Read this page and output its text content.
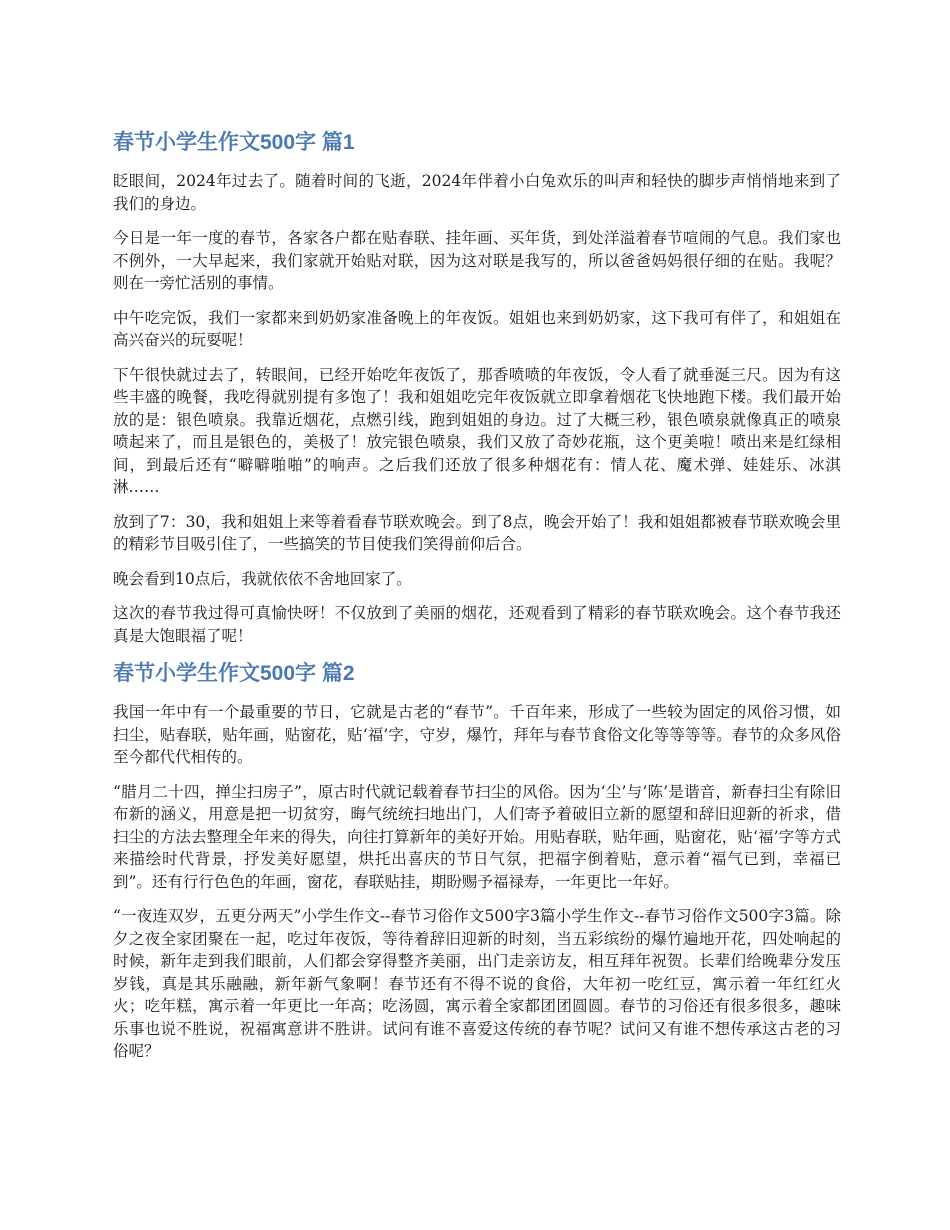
春节小学生作文500字 篇1

眨眼间，2024年过去了。随着时间的飞逝，2024年伴着小白兔欢乐的叫声和轻快的脚步声悄悄地来到了我们的身边。

今日是一年一度的春节，各家各户都在贴春联、挂年画、买年货，到处洋溢着春节喧闹的气息。我们家也不例外，一大早起来，我们家就开始贴对联，因为这对联是我写的，所以爸爸妈妈很仔细的在贴。我呢？则在一旁忙活别的事情。

中午吃完饭，我们一家都来到奶奶家准备晚上的年夜饭。姐姐也来到奶奶家，这下我可有伴了，和姐姐在高兴奋兴的玩耍呢！

下午很快就过去了，转眼间，已经开始吃年夜饭了，那香喷喷的年夜饭，令人看了就垂涎三尺。因为有这些丰盛的晚餐，我吃得就别提有多饱了！我和姐姐吃完年夜饭就立即拿着烟花飞快地跑下楼。我们最开始放的是：银色喷泉。我靠近烟花，点燃引线，跑到姐姐的身边。过了大概三秒，银色喷泉就像真正的喷泉喷起来了，而且是银色的，美极了！放完银色喷泉，我们又放了奇妙花瓶，这个更美啦！喷出来是红绿相间，到最后还有“噼噼啪啪”的响声。之后我们还放了很多种烟花有：情人花、魔术弹、娃娃乐、冰淇淋……

放到了7：30，我和姐姐上来等着看春节联欢晚会。到了8点，晚会开始了！我和姐姐都被春节联欢晚会里的精彩节目吸引住了，一些搞笑的节目使我们笑得前仰后合。

晚会看到10点后，我就依依不舍地回家了。

这次的春节我过得可真愉快呀！不仅放到了美丽的烟花，还观看到了精彩的春节联欢晚会。这个春节我还真是大饱眼福了呢！

春节小学生作文500字 篇2

我国一年中有一个最重要的节日，它就是古老的“春节”。千百年来，形成了一些较为固定的风俗习惯，如扫尘，贴春联，贴年画，贴窗花，贴‘福’字，守岁，爆竹，拜年与春节食俗文化等等等等。春节的众多风俗至今都代代相传的。

“腊月二十四，掸尘扫房子”，原古时代就记载着春节扫尘的风俗。因为‘尘’与‘陈’是谐音，新春扫尘有除旧布新的涵义，用意是把一切贫穷，晦气统统扫地出门，人们寄予着破旧立新的愿望和辞旧迎新的祈求，借扫尘的方法去整理全年来的得失，向往打算新年的美好开始。用贴春联，贴年画，贴窗花，贴‘福’字等方式来描绘时代背景，抒发美好愿望，烘托出喜庆的节日气氛，把福字倒着贴，意示着“福气已到，幸福已到”。还有行行色色的年画，窗花，春联贴挂，期盼赐予福禄寿，一年更比一年好。

“一夜连双岁，五更分两天”小学生作文--春节习俗作文500字3篇小学生作文--春节习俗作文500字3篇。除夕之夜全家团聚在一起，吃过年夜饭，等待着辞旧迎新的时刻，当五彩缤纷的爆竹遍地开花，四处响起的时候，新年走到我们眼前，人们都会穿得整齐美丽，出门走亲访友，相互拜年祝贺。长辈们给晚辈分发压岁钱，真是其乐融融，新年新气象啊！春节还有不得不说的食俗，大年初一吃红豆，寓示着一年红红火火；吃年糕，寓示着一年更比一年高；吃汤圆，寓示着全家都团团圆圆。春节的习俗还有很多很多，趣味乐事也说不胜说，祝福寓意讲不胜讲。试问有谁不喜爱这传统的春节呢？试问又有谁不想传承这古老的习俗呢？
